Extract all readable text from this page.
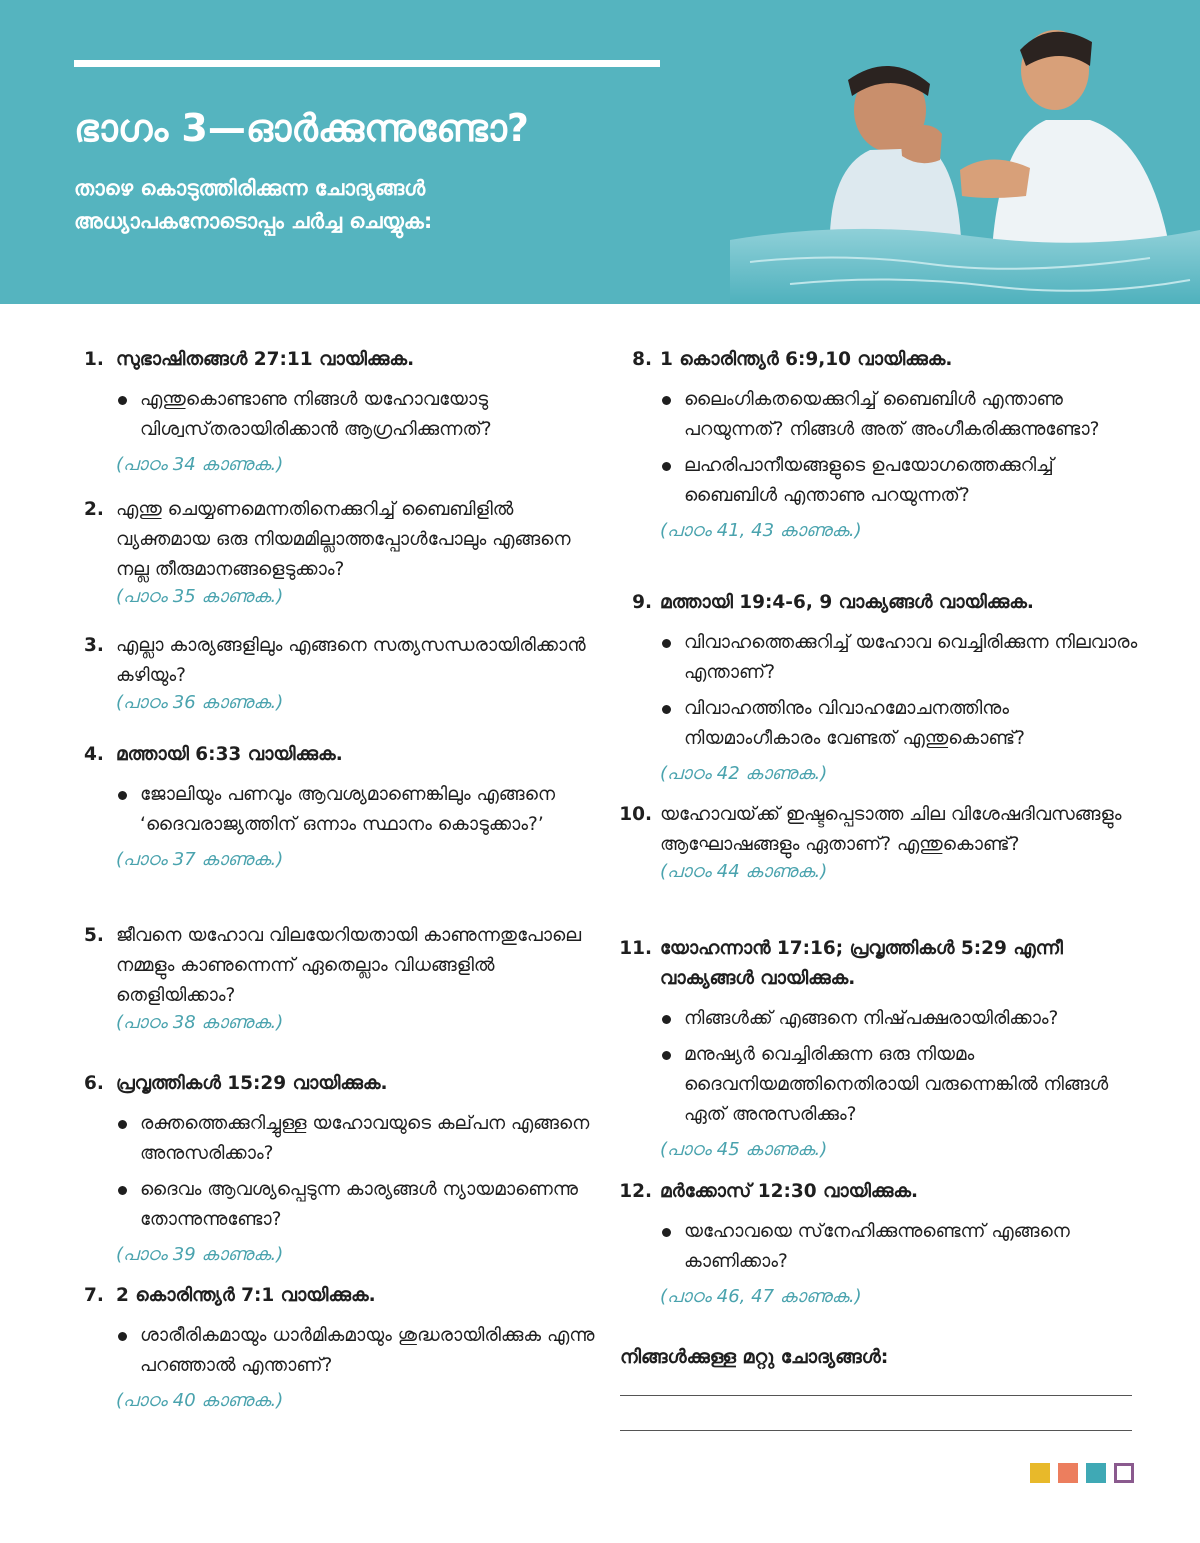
ഭാഗം 3—ഓർക്കുന്നുണ്ടോ?

താഴെ കൊടുത്തിരിക്കുന്ന ചോദ്യങ്ങൾ
അധ്യാപകനോടൊപ്പം ചർച്ച ചെയ്യുക:

1. സുഭാഷിതങ്ങൾ 27:11 വായിക്കുക.
എന്തുകൊണ്ടാണു നിങ്ങൾ യഹോവയോടു വിശ്വസ്‌തരായിരിക്കാൻ ആഗ്രഹിക്കുന്നത്‌?
(പാഠം 34 കാണുക.)
2. എന്തു ചെയ്യണമെന്നതിനെക്കുറിച്ച്‌ ബൈബിളിൽ വ്യക്തമായ ഒരു നിയമമില്ലാത്തപ്പോൾപോലും എങ്ങനെ നല്ല തീരുമാനങ്ങളെടുക്കാം?
(പാഠം 35 കാണുക.)
3. എല്ലാ കാര്യങ്ങളിലും എങ്ങനെ സത്യസന്ധരായിരിക്കാൻ കഴിയും?
(പാഠം 36 കാണുക.)
4. മത്തായി 6:33 വായിക്കുക.
ജോലിയും പണവും ആവശ്യമാണെങ്കിലും എങ്ങനെ ‘ദൈവരാജ്യത്തിന്‌ ഒന്നാം സ്ഥാനം കൊടുക്കാം?’
(പാഠം 37 കാണുക.)
5. ജീവനെ യഹോവ വിലയേറിയതായി കാണുന്നതുപോലെ നമ്മളും കാണുന്നെന്ന്‌ ഏതെല്ലാം വിധങ്ങളിൽ തെളിയിക്കാം?
(പാഠം 38 കാണുക.)
6. പ്രവൃത്തികൾ 15:29 വായിക്കുക.
രക്തത്തെക്കുറിച്ചുള്ള യഹോവയുടെ കല്‌പന എങ്ങനെ അനുസരിക്കാം?
ദൈവം ആവശ്യപ്പെടുന്ന കാര്യങ്ങൾ ന്യായമാണെന്നു തോന്നുന്നുണ്ടോ?
(പാഠം 39 കാണുക.)
7. 2 കൊരിന്ത്യർ 7:1 വായിക്കുക.
ശാരീരികമായും ധാർമികമായും ശുദ്ധരായിരിക്കുക എന്നു പറഞ്ഞാൽ എന്താണ്‌?
(പാഠം 40 കാണുക.)
8. 1 കൊരിന്ത്യർ 6:9,10 വായിക്കുക.
ലൈംഗികതയെക്കുറിച്ച്‌ ബൈബിൾ എന്താണു പറയുന്നത്‌? നിങ്ങൾ അത്‌ അംഗീകരിക്കുന്നുണ്ടോ?
ലഹരിപാനീയങ്ങളുടെ ഉപയോഗത്തെക്കുറിച്ച്‌ ബൈബിൾ എന്താണു പറയുന്നത്‌?
(പാഠം 41, 43 കാണുക.)
9. മത്തായി 19:4-6, 9 വാക്യങ്ങൾ വായിക്കുക.
വിവാഹത്തെക്കുറിച്ച്‌ യഹോവ വെച്ചിരിക്കുന്ന നിലവാരം എന്താണ്‌?
വിവാഹത്തിനും വിവാഹമോചനത്തിനും നിയമാംഗീകാരം വേണ്ടത്‌ എന്തുകൊണ്ട്‌?
(പാഠം 42 കാണുക.)
10. യഹോവയ്‌ക്ക്‌ ഇഷ്ടപ്പെടാത്ത ചില വിശേഷദിവസങ്ങളും ആഘോഷങ്ങളും ഏതാണ്‌? എന്തുകൊണ്ട്‌?
(പാഠം 44 കാണുക.)
11. യോഹന്നാൻ 17:16; പ്രവൃത്തികൾ 5:29 എന്നീ വാക്യങ്ങൾ വായിക്കുക.
നിങ്ങൾക്ക്‌ എങ്ങനെ നിഷ്‌പക്ഷരായിരിക്കാം?
മനുഷ്യർ വെച്ചിരിക്കുന്ന ഒരു നിയമം ദൈവനിയമത്തിനെതിരായി വരുന്നെങ്കിൽ നിങ്ങൾ ഏത്‌ അനുസരിക്കും?
(പാഠം 45 കാണുക.)
12. മർക്കോസ്‌ 12:30 വായിക്കുക.
യഹോവയെ സ്‌നേഹിക്കുന്നുണ്ടെന്ന്‌ എങ്ങനെ കാണിക്കാം?
(പാഠം 46, 47 കാണുക.)
നിങ്ങൾക്കുള്ള മറ്റു ചോദ്യങ്ങൾ:
